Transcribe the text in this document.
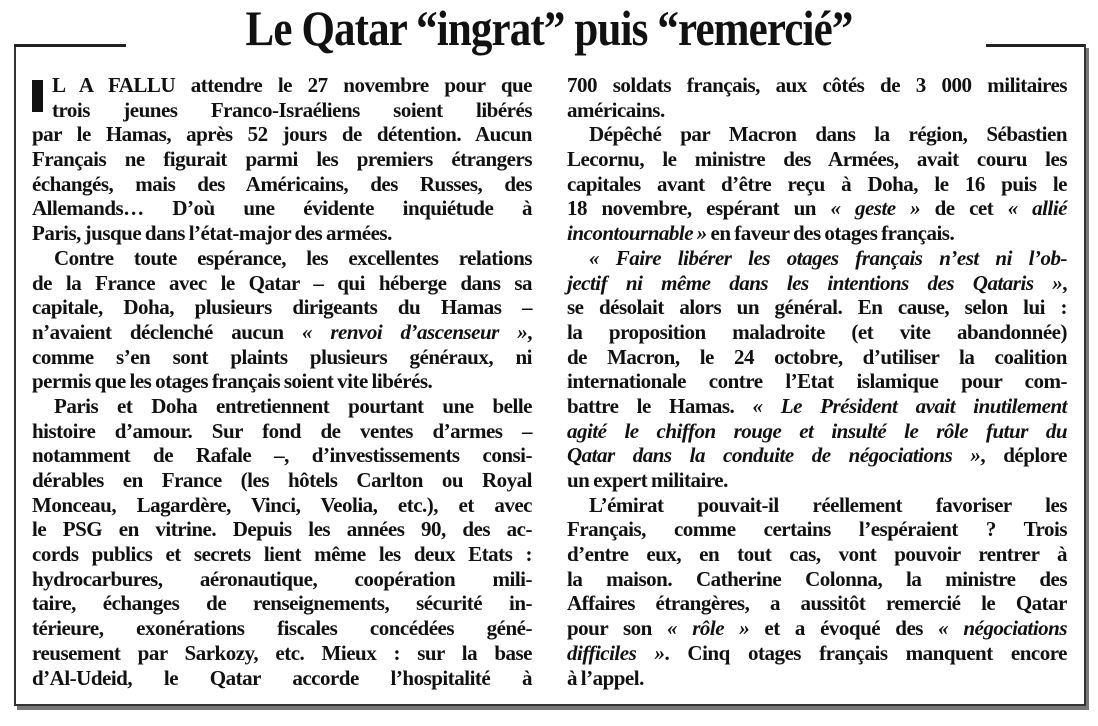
Le Qatar “ingrat” puis “remercié”
L A FALLU attendre le 27 novembre pour que
trois jeunes Franco-Israéliens soient libérés
par le Hamas, après 52 jours de détention. Aucun
Français ne figurait parmi les premiers étrangers
échangés, mais des Américains, des Russes, des
Allemands… D’où une évidente inquiétude à
Paris, jusque dans l’état-major des armées.
Contre toute espérance, les excellentes relations
de la France avec le Qatar – qui héberge dans sa
capitale, Doha, plusieurs dirigeants du Hamas –
n’avaient déclenché aucun « renvoi d’ascenseur »,
comme s’en sont plaints plusieurs généraux, ni
permis que les otages français soient vite libérés.
Paris et Doha entretiennent pourtant une belle
histoire d’amour. Sur fond de ventes d’armes –
notamment de Rafale –, d’investissements consi-
dérables en France (les hôtels Carlton ou Royal
Monceau, Lagardère, Vinci, Veolia, etc.), et avec
le PSG en vitrine. Depuis les années 90, des ac-
cords publics et secrets lient même les deux Etats :
hydrocarbures, aéronautique, coopération mili-
taire, échanges de renseignements, sécurité in-
térieure, exonérations fiscales concédées géné-
reusement par Sarkozy, etc. Mieux : sur la base
d’Al-Udeid, le Qatar accorde l’hospitalité à
700 soldats français, aux côtés de 3 000 militaires
américains.
Dépêché par Macron dans la région, Sébastien
Lecornu, le ministre des Armées, avait couru les
capitales avant d’être reçu à Doha, le 16 puis le
18 novembre, espérant un « geste » de cet « allié
incontournable » en faveur des otages français.
« Faire libérer les otages français n’est ni l’ob-
jectif ni même dans les intentions des Qataris »,
se désolait alors un général. En cause, selon lui :
la proposition maladroite (et vite abandonnée)
de Macron, le 24 octobre, d’utiliser la coalition
internationale contre l’Etat islamique pour com-
battre le Hamas. « Le Président avait inutilement
agité le chiffon rouge et insulté le rôle futur du
Qatar dans la conduite de négociations », déplore
un expert militaire.
L’émirat pouvait-il réellement favoriser les
Français, comme certains l’espéraient ? Trois
d’entre eux, en tout cas, vont pouvoir rentrer à
la maison. Catherine Colonna, la ministre des
Affaires étrangères, a aussitôt remercié le Qatar
pour son « rôle » et a évoqué des « négociations
difficiles ». Cinq otages français manquent encore
à l’appel.
